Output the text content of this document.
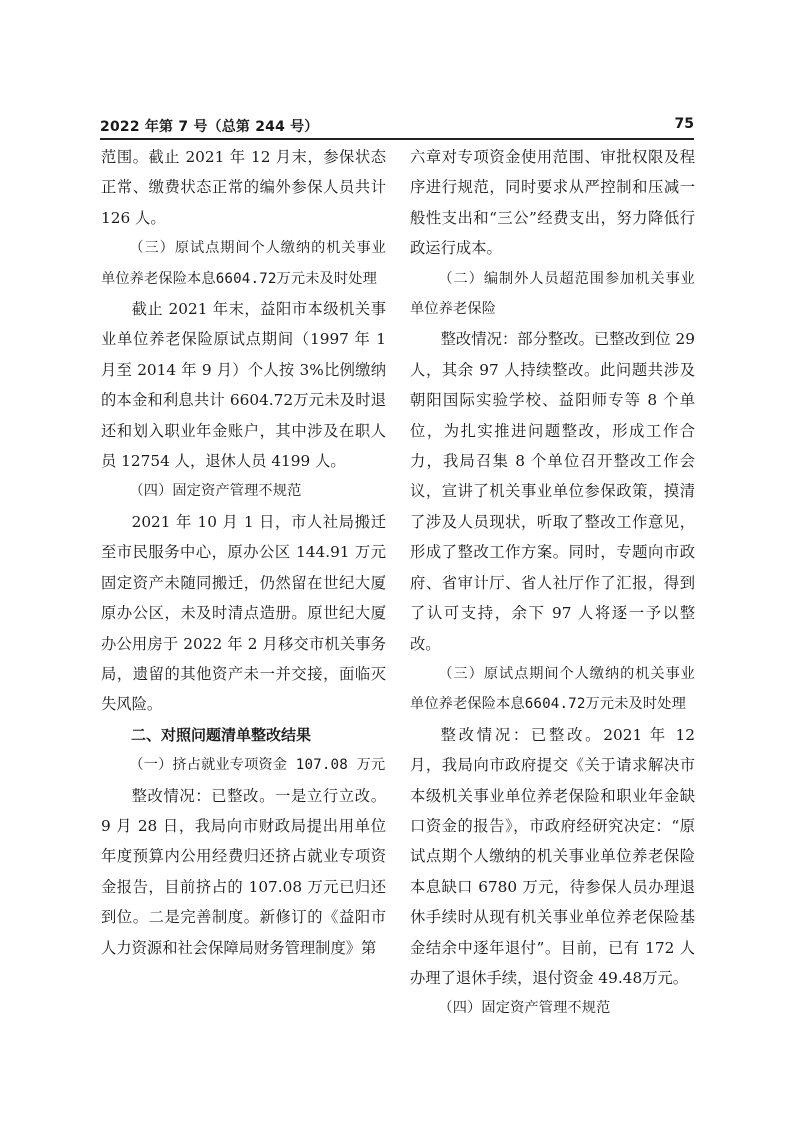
2022 年第 7 号（总第 244 号）	75

范围。截止 2021 年 12 月末，参保状态正常、缴费状态正常的编外参保人员共计126 人。

（三）原试点期间个人缴纳的机关事业单位养老保险本息6604.72万元未及时处理

截止 2021 年末，益阳市本级机关事业单位养老保险原试点期间（1997 年 1 月至 2014 年 9 月）个人按 3%比例缴纳的本金和利息共计 6604.72万元未及时退还和划入职业年金账户，其中涉及在职人员 12754 人，退休人员 4199 人。

（四）固定资产管理不规范

2021 年 10 月 1 日，市人社局搬迁至市民服务中心，原办公区 144.91 万元固定资产未随同搬迁，仍然留在世纪大厦原办公区，未及时清点造册。原世纪大厦办公用房于 2022 年 2 月移交市机关事务局，遗留的其他资产未一并交接，面临灭失风险。

二、对照问题清单整改结果

（一）挤占就业专项资金 107.08 万元

整改情况：已整改。一是立行立改。9 月 28 日，我局向市财政局提出用单位年度预算内公用经费归还挤占就业专项资金报告，目前挤占的 107.08 万元已归还到位。二是完善制度。新修订的《益阳市人力资源和社会保障局财务管理制度》第

六章对专项资金使用范围、审批权限及程序进行规范，同时要求从严控制和压减一般性支出和“三公”经费支出，努力降低行政运行成本。

（二）编制外人员超范围参加机关事业单位养老保险

整改情况：部分整改。已整改到位 29 人，其余 97 人持续整改。此问题共涉及朝阳国际实验学校、益阳师专等 8 个单位，为扎实推进问题整改，形成工作合力，我局召集 8 个单位召开整改工作会议，宣讲了机关事业单位参保政策，摸清了涉及人员现状，听取了整改工作意见，形成了整改工作方案。同时，专题向市政府、省审计厅、省人社厅作了汇报，得到了认可支持，余下 97 人将逐一予以整改。

（三）原试点期间个人缴纳的机关事业单位养老保险本息6604.72万元未及时处理

整改情况：已整改。2021 年 12 月，我局向市政府提交《关于请求解决市本级机关事业单位养老保险和职业年金缺口资金的报告》，市政府经研究决定：“原试点期个人缴纳的机关事业单位养老保险本息缺口 6780 万元，待参保人员办理退休手续时从现有机关事业单位养老保险基金结余中逐年退付”。目前，已有 172 人办理了退休手续，退付资金 49.48万元。

（四）固定资产管理不规范
